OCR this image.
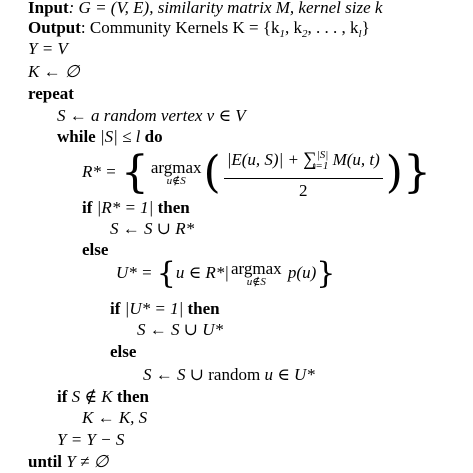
Input: G = (V, E), similarity matrix M, kernel size k
Output: Community Kernels $K = \{k_1$, $k_2$, . . . , $k_l$}
Y = V
K ← ∅
repeat
S ← a random vertex v ∈ V
while |S| ≤ l do
R* = { argmax
u∉S ( $\frac{|E(u, S)| + \sum^{|S|}_{t=1} M(u, t)}{2}$ )}
if |R* = 1| then
S ← S ∪ R*
else
U* = {u ∈ R*| argmax
u∉S
p(u)}
if |U* = 1| then
S ← S ∪ U*
else
S ← S ∪ random u ∈ U*
if S ∉ K then
K ← K, S
Y = Y − S
until Y ≠ ∅
